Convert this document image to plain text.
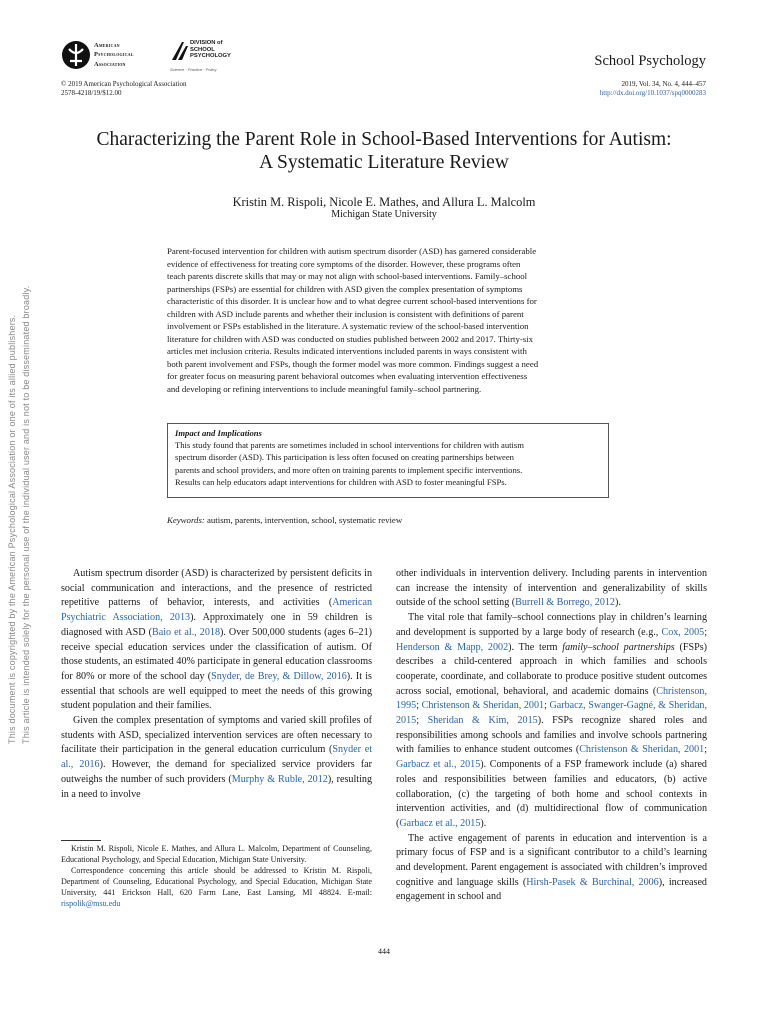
American
Psychological
Association
DIVISION of
SCHOOL
PSYCHOLOGY
Science · Practice · Policy
School Psychology
© 2019 American Psychological Association
2578-4218/19/$12.00
2019, Vol. 34, No. 4, 444–457
http://dx.doi.org/10.1037/spq0000283
Characterizing the Parent Role in School-Based Interventions for Autism:
A Systematic Literature Review
Kristin M. Rispoli, Nicole E. Mathes, and Allura L. Malcolm
Michigan State University
Parent-focused intervention for children with autism spectrum disorder (ASD) has garnered considerable
evidence of effectiveness for treating core symptoms of the disorder. However, these programs often
teach parents discrete skills that may or may not align with school-based interventions. Family–school
partnerships (FSPs) are essential for children with ASD given the complex presentation of symptoms
characteristic of this disorder. It is unclear how and to what degree current school-based interventions for
children with ASD include parents and whether their inclusion is consistent with definitions of parent
involvement or FSPs established in the literature. A systematic review of the school-based intervention
literature for children with ASD was conducted on studies published between 2002 and 2017. Thirty-six
articles met inclusion criteria. Results indicated interventions included parents in ways consistent with
both parent involvement and FSPs, though the former model was more common. Findings suggest a need
for greater focus on measuring parent behavioral outcomes when evaluating intervention effectiveness
and developing or refining interventions to include meaningful family–school partnering.
Impact and Implications
This study found that parents are sometimes included in school interventions for children with autism
spectrum disorder (ASD). This participation is less often focused on creating partnerships between
parents and school providers, and more often on training parents to implement specific interventions.
Results can help educators adapt interventions for children with ASD to foster meaningful FSPs.
Keywords: autism, parents, intervention, school, systematic review

Autism spectrum disorder (ASD) is characterized by persistent deficits in social communication and interactions, and the presence of restricted repetitive patterns of behavior, interests, and activities (American Psychiatric Association, 2013). Approximately one in 59 children is diagnosed with ASD (Baio et al., 2018). Over 500,000 students (ages 6–21) receive special education services under the classification of autism. Of those students, an estimated 40% participate in general education classrooms for 80% or more of the school day (Snyder, de Brey, & Dillow, 2016). It is essential that schools are well equipped to meet the needs of this growing student population and their families.

Given the complex presentation of symptoms and varied skill profiles of students with ASD, specialized intervention services are often necessary to facilitate their participation in the general education curriculum (Snyder et al., 2016). However, the demand for specialized service providers far outweighs the number of such providers (Murphy & Ruble, 2012), resulting in a need to involve

other individuals in intervention delivery. Including parents in intervention can increase the intensity of intervention and generalizability of skills outside of the school setting (Burrell & Borrego, 2012).

The vital role that family–school connections play in children’s learning and development is supported by a large body of research (e.g., Cox, 2005; Henderson & Mapp, 2002). The term family–school partnerships (FSPs) describes a child-centered approach in which families and schools cooperate, coordinate, and collaborate to produce positive student outcomes across social, emotional, behavioral, and academic domains (Christenson, 1995; Christenson & Sheridan, 2001; Garbacz, Swanger-Gagné, & Sheridan, 2015; Sheridan & Kim, 2015). FSPs recognize shared roles and responsibilities among schools and families and involve schools partnering with families to enhance student outcomes (Christenson & Sheridan, 2001; Garbacz et al., 2015). Components of a FSP framework include (a) shared roles and responsibilities between families and educators, (b) active collaboration, (c) the targeting of both home and school contexts in intervention activities, and (d) multidirectional flow of communication (Garbacz et al., 2015).

The active engagement of parents in education and intervention is a primary focus of FSP and is a significant contributor to a child’s learning and development. Parent engagement is associated with children’s improved cognitive and language skills (Hirsh-Pasek & Burchinal, 2006), increased engagement in school and

Kristin M. Rispoli, Nicole E. Mathes, and Allura L. Malcolm, Department of Counseling, Educational Psychology, and Special Education, Michigan State University.

Correspondence concerning this article should be addressed to Kristin M. Rispoli, Department of Counseling, Educational Psychology, and Special Education, Michigan State University, 441 Erickson Hall, 620 Farm Lane, East Lansing, MI 48824. E-mail: rispolik@msu.edu

444
This document is copyrighted by the American Psychological Association or one of its allied publishers. This article is intended solely for the personal use of the individual user and is not to be disseminated broadly.
